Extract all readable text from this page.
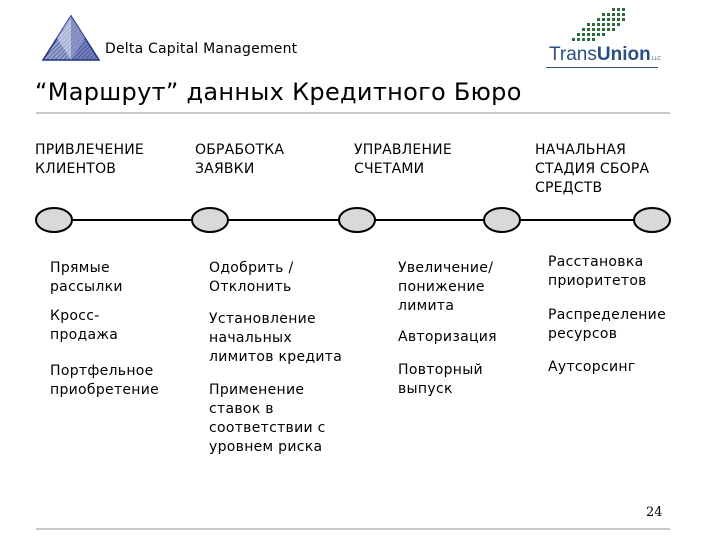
Delta Capital Management	TransUnionLLC
“Маршрут” данных Кредитного Бюро
ПРИВЛЕЧЕНИЕ
КЛИЕНТОВ
ОБРАБОТКА
ЗАЯВКИ
УПРАВЛЕНИЕ
СЧЕТАМИ
НАЧАЛЬНАЯ
СТАДИЯ СБОРА
СРЕДСТВ
Прямые
рассылки
Кросс-
продажа
Портфельное
приобретение
Одобрить /
Отклонить
Установление
начальных
лимитов кредита
Применение
ставок в
соответствии с
уровнем риска
Увеличение/
понижение
лимита
Авторизация
Повторный
выпуск
Расстановка
приоритетов
Распределение
ресурсов
Аутсорсинг
24
